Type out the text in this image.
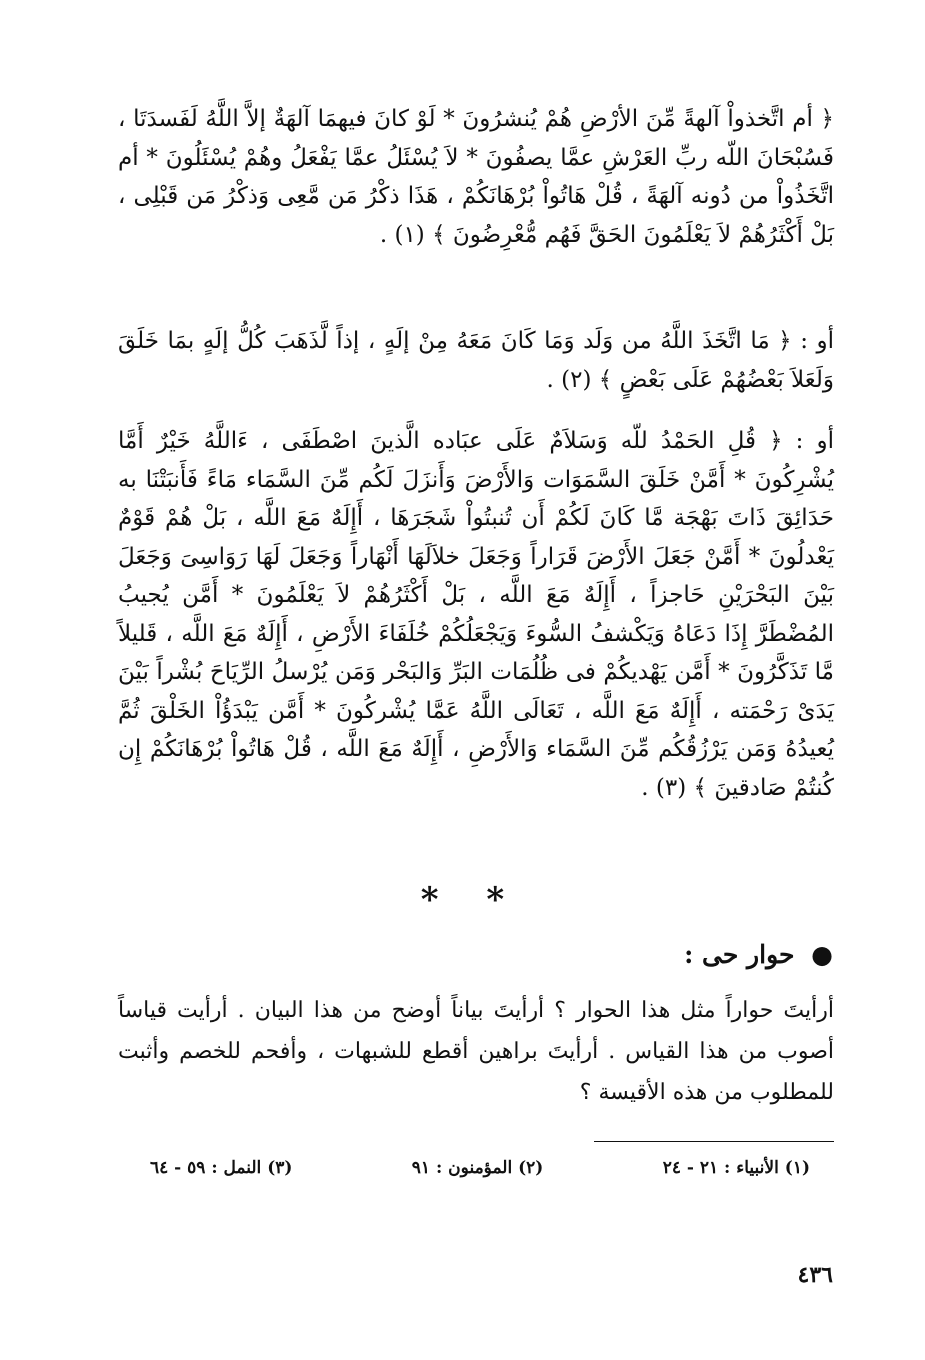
﴿ أم اتَّخذواْ آلهةً مِّنَ الأرْضِ هُمْ يُنشرُونَ * لَوْ كانَ فيهمَا آلهَةٌ إلاَّ اللَّهُ لَفَسدَتَا ، فَسُبْحَانَ اللّه ربِّ العَرْشِ عمَّا يصفُونَ * لاَ يُسْئَلُ عمَّا يَفْعَلُ وهُمْ يُسْئَلُونَ * أم اتَّخَذُواْ من دُونه آلهَةً ، قُلْ هَاتُواْ بُرْهَانَكُمْ ، هَذَا ذكْرُ مَن مَّعِى وَذكْرُ مَن قَبْلِى ، بَلْ أَكْثَرُهُمْ لاَ يَعْلَمُونَ الحَقَّ فَهُم مُّعْرِضُونَ ﴾ (١) .
أو : ﴿ مَا اتَّخَذَ اللَّهُ من وَلَد وَمَا كَانَ مَعَهُ مِنْ إلَهٍ ، إذاً لَّذَهَبَ كُلُّ إلَهٍ بمَا خَلَقَ وَلَعَلاَ بَعْضُهُمْ عَلَى بَعْضٍ ﴾ (٢) .
أو : ﴿ قُلِ الحَمْدُ للّه وَسَلاَمٌ عَلَى عبَاده الَّذينَ اصْطَفَى ، ءَاللَّهُ خَيْرٌ أَمَّا يُشْرِكُونَ * أَمَّنْ خَلَقَ السَّمَوَات وَالأَرْضَ وَأَنزَلَ لَكُم مِّنَ السَّمَاء مَاءً فَأَنبَتْنَا به حَدَائِقَ ذَاتَ بَهْجَة مَّا كَانَ لَكُمْ أَن تُنبتُواْ شَجَرَهَا ، أَإِلَهٌ مَعَ اللَّه ، بَلْ هُمْ قَوْمٌ يَعْدلُونَ * أَمَّنْ جَعَلَ الأَرْضَ قَرَاراً وَجَعَلَ خلاَلَهَا أَنْهَاراً وَجَعَلَ لَهَا رَوَاسِىَ وَجَعَلَ بَيْنَ البَحْرَيْنِ حَاجزاً ، أَإِلَهٌ مَعَ اللَّه ، بَلْ أَكْثَرُهُمْ لاَ يَعْلَمُونَ * أَمَّن يُجيبُ المُضْطَرَّ إِذَا دَعَاهُ وَيَكْشفُ السُّوءَ وَيَجْعَلُكُمْ خُلَفَاءَ الأَرْضِ ، أَإِلَهٌ مَعَ اللَّه ، قَليلاً مَّا تَذَكَّرُونَ * أَمَّن يَهْديكُمْ فى ظُلُمَات البَرِّ وَالبَحْر وَمَن يُرْسلُ الرِّيَاحَ بُشْراً بَيْنَ يَدَىْ رَحْمَته ، أَإِلَهٌ مَعَ اللَّه ، تَعَالَى اللَّهُ عَمَّا يُشْركُونَ * أَمَّن يَبْدَؤُاْ الخَلْقَ ثُمَّ يُعيدُهُ وَمَن يَرْزُقُكُم مِّنَ السَّمَاء وَالأَرْضِ ، أَإِلَهٌ مَعَ اللَّه ، قُلْ هَاتُواْ بُرْهَانَكُمْ إِن كُنتُمْ صَادقينَ ﴾ (٣) .
* *
● حوار حى :
أرأيتَ حواراً مثل هذا الحوار ؟ أرأيتَ بياناً أوضح من هذا البيان . أرأيت قياساً أصوب من هذا القياس . أرأيتَ براهين أقطع للشبهات ، وأفحم للخصم وأثبت للمطلوب من هذه الأقيسة ؟
(١) الأنبياء : ٢١ - ٢٤
(٢) المؤمنون : ٩١
(٣) النمل : ٥٩ - ٦٤
٤٣٦
